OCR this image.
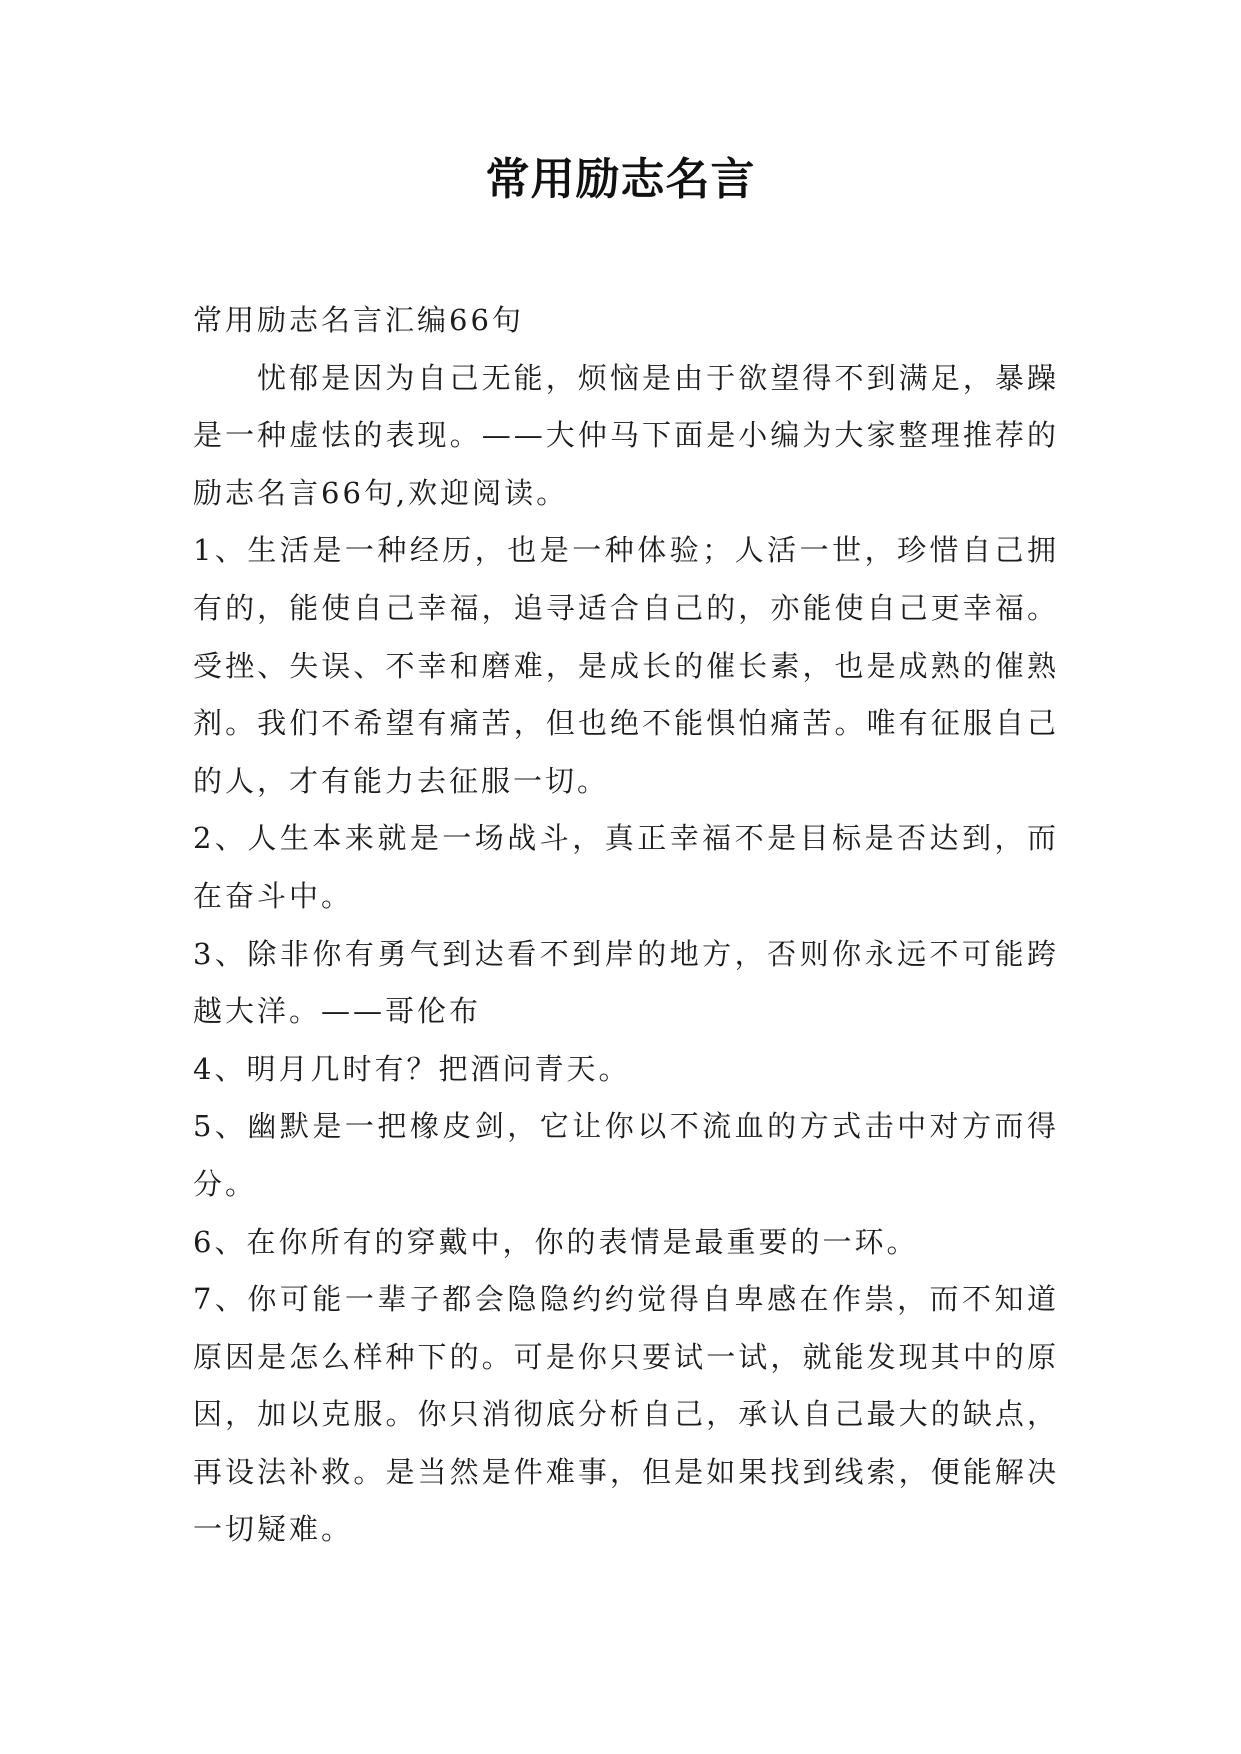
常用励志名言

常用励志名言汇编66句

忧郁是因为自己无能，烦恼是由于欲望得不到满足，暴躁是一种虚怯的表现。——大仲马下面是小编为大家整理推荐的励志名言66句,欢迎阅读。

1、生活是一种经历，也是一种体验；人活一世，珍惜自己拥有的，能使自己幸福，追寻适合自己的，亦能使自己更幸福。受挫、失误、不幸和磨难，是成长的催长素，也是成熟的催熟剂。我们不希望有痛苦，但也绝不能惧怕痛苦。唯有征服自己的人，才有能力去征服一切。

2、人生本来就是一场战斗，真正幸福不是目标是否达到，而在奋斗中。

3、除非你有勇气到达看不到岸的地方，否则你永远不可能跨越大洋。——哥伦布

4、明月几时有？把酒问青天。

5、幽默是一把橡皮剑，它让你以不流血的方式击中对方而得分。

6、在你所有的穿戴中，你的表情是最重要的一环。

7、你可能一辈子都会隐隐约约觉得自卑感在作祟，而不知道原因是怎么样种下的。可是你只要试一试，就能发现其中的原因，加以克服。你只消彻底分析自己，承认自己最大的缺点，再设法补救。是当然是件难事，但是如果找到线索，便能解决一切疑难。
